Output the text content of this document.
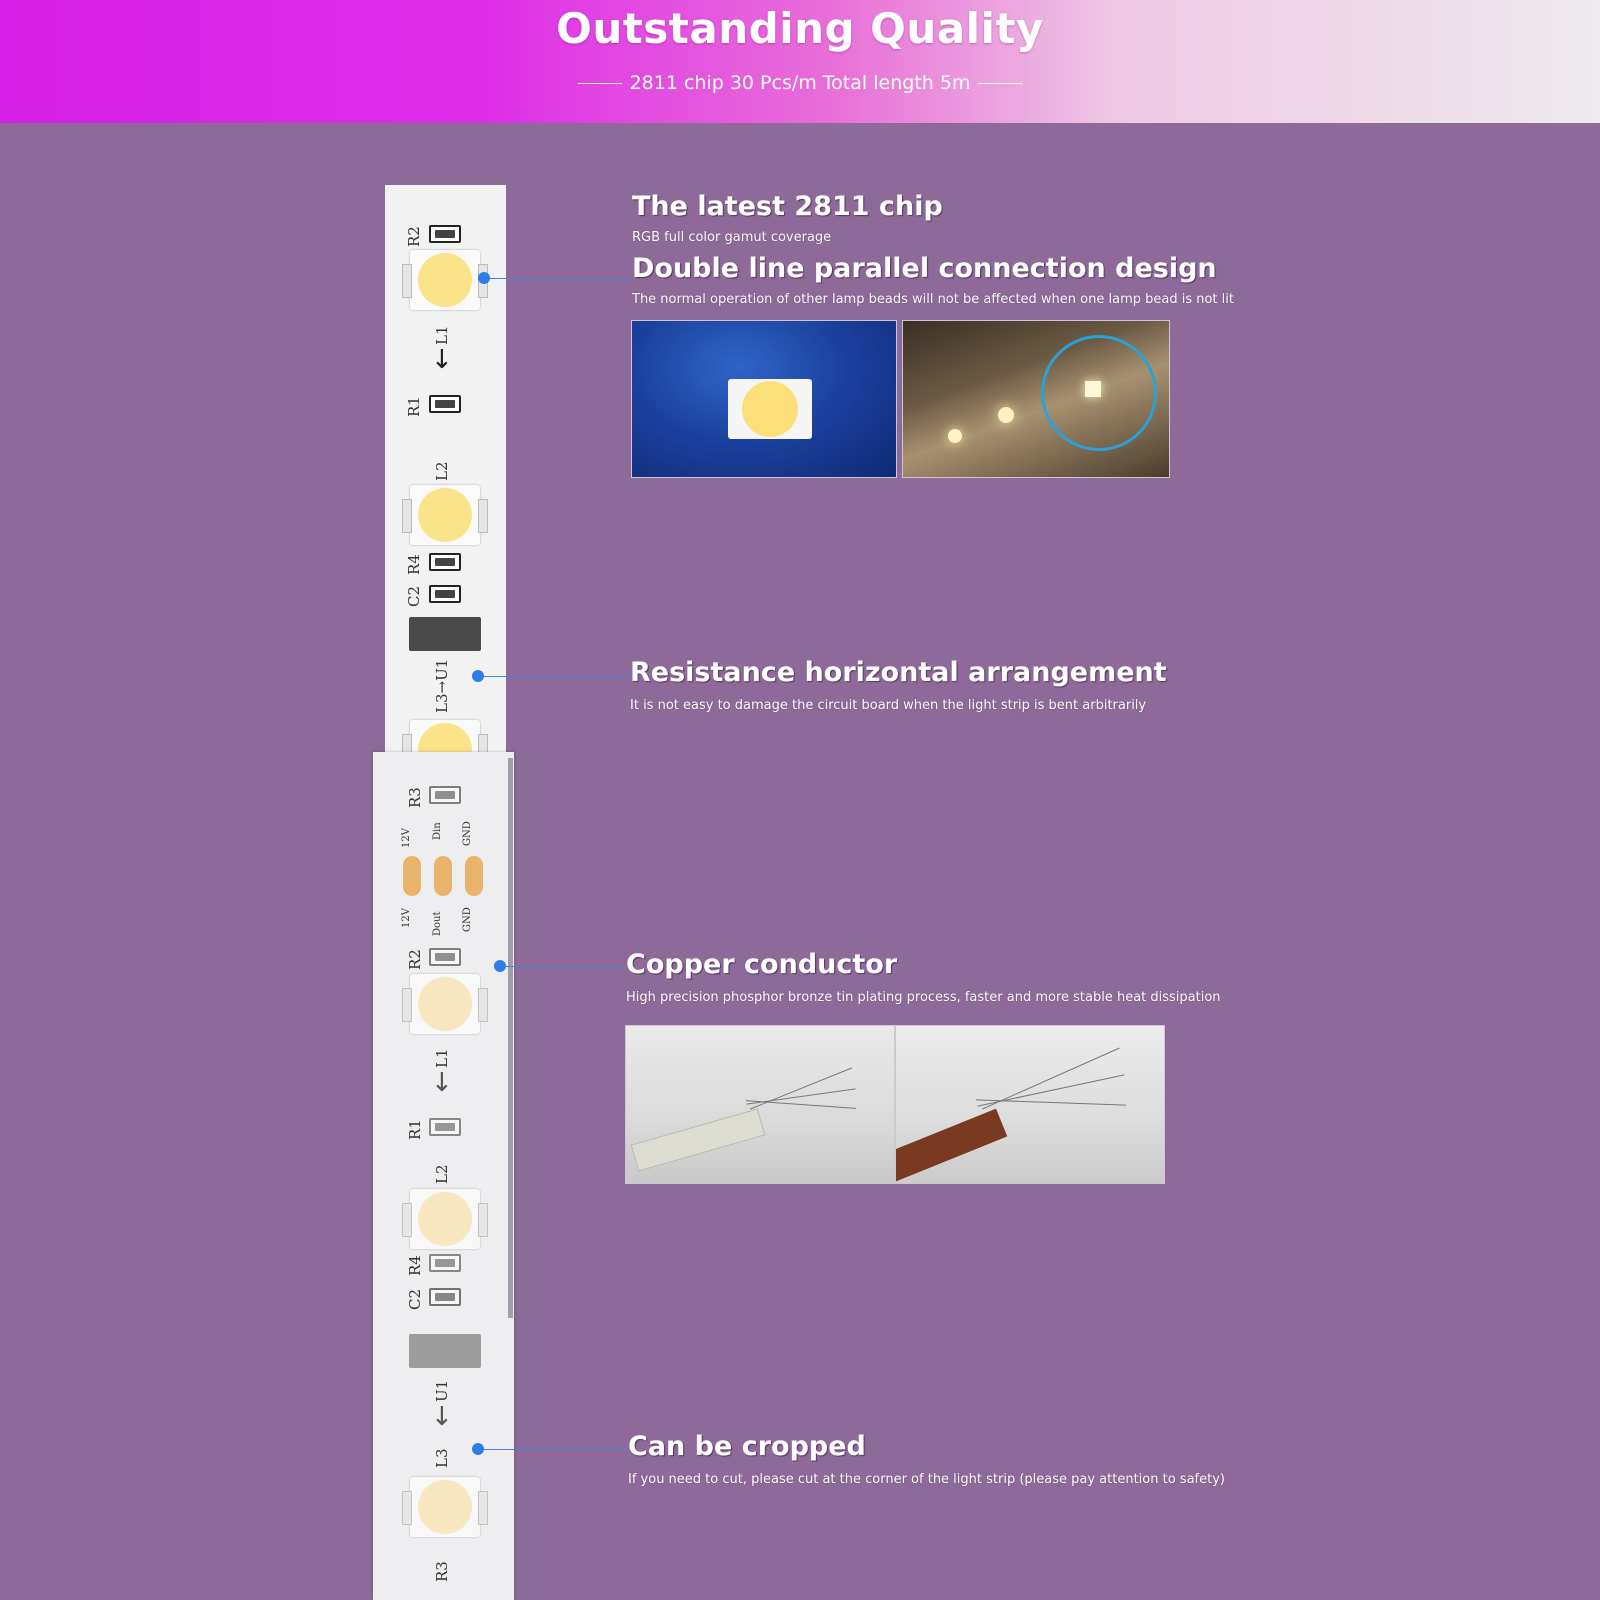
Outstanding Quality
2811 chip 30 Pcs/m Total length 5m
R2
L1
↓
R1
L2
R4
C2
L3→U1
R3
12V Din GND
12V Dout GND
R2
L1
↓
R1
L2
R4
C2
U1
↓
L3
R3
The latest 2811 chip
RGB full color gamut coverage
Double line parallel connection design
The normal operation of other lamp beads will not be affected when one lamp bead is not lit
Resistance horizontal arrangement
It is not easy to damage the circuit board when the light strip is bent arbitrarily
Copper conductor
High precision phosphor bronze tin plating process, faster and more stable heat dissipation
Can be cropped
If you need to cut, please cut at the corner of the light strip (please pay attention to safety)
